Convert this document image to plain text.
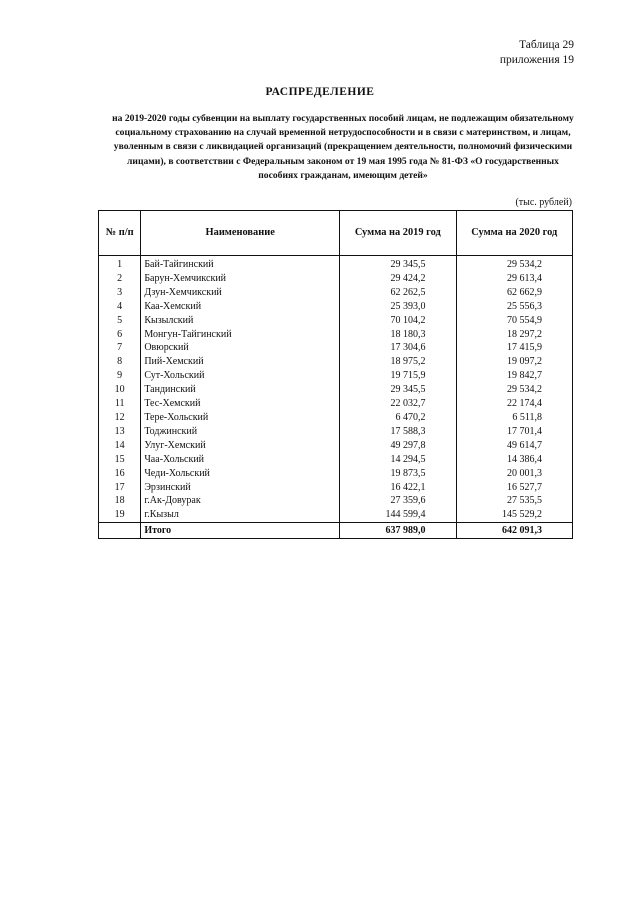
Таблица 29
приложения 19
РАСПРЕДЕЛЕНИЕ
на 2019-2020 годы субвенции на выплату государственных пособий лицам, не подлежащим обязательному социальному страхованию на случай временной нетрудоспособности и в связи с материнством, и лицам, уволенным в связи с ликвидацией организаций (прекращением деятельности, полномочий физическими лицами), в соответствии с Федеральным законом от 19 мая 1995 года № 81-ФЗ «О государственных пособиях гражданам, имеющим детей»
(тыс. рублей)
№ п/п	Наименование	Сумма на 2019 год	Сумма на 2020 год
1	Бай-Тайгинский	29 345,5	29 534,2
2	Барун-Хемчикский	29 424,2	29 613,4
3	Дзун-Хемчикский	62 262,5	62 662,9
4	Каа-Хемский	25 393,0	25 556,3
5	Кызылский	70 104,2	70 554,9
6	Монгун-Тайгинский	18 180,3	18 297,2
7	Овюрский	17 304,6	17 415,9
8	Пий-Хемский	18 975,2	19 097,2
9	Сут-Хольский	19 715,9	19 842,7
10	Тандинский	29 345,5	29 534,2
11	Тес-Хемский	22 032,7	22 174,4
12	Тере-Хольский	6 470,2	6 511,8
13	Тоджинский	17 588,3	17 701,4
14	Улуг-Хемский	49 297,8	49 614,7
15	Чаа-Хольский	14 294,5	14 386,4
16	Чеди-Хольский	19 873,5	20 001,3
17	Эрзинский	16 422,1	16 527,7
18	г.Ак-Довурак	27 359,6	27 535,5
19	г.Кызыл	144 599,4	145 529,2
	Итого	637 989,0	642 091,3
